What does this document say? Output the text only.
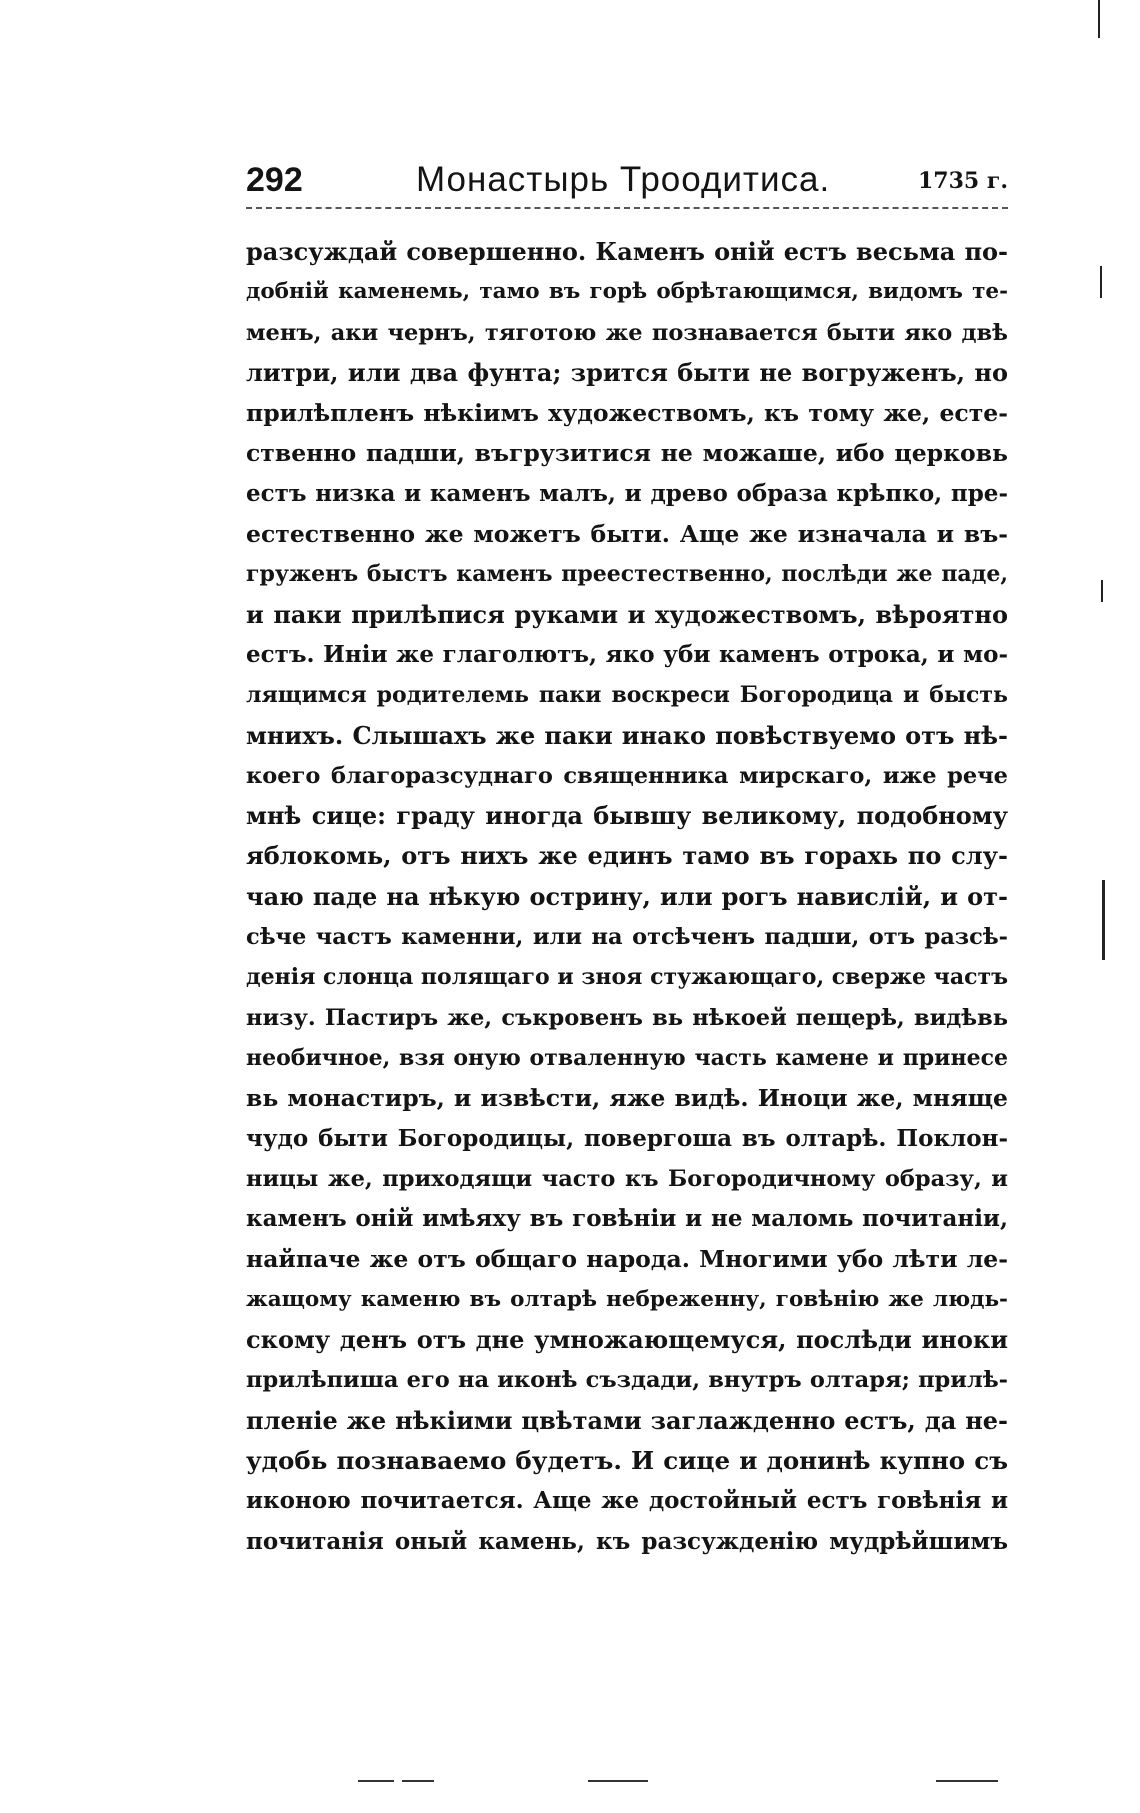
292	Монастырь Троодитиса.	1735 г.
разсуждай совершенно. Каменъ оній естъ весьма по-
добній каменемь, тамо въ горѣ обрѣтающимся, видомъ те-
менъ, аки чернъ, тяготою же познавается быти яко двѣ
литри, или два фунта; зрится быти не вогруженъ, но
прилѣпленъ нѣкіимъ художествомъ, къ тому же, есте-
ственно падши, въгрузитися не можаше, ибо церковь
естъ низка и каменъ малъ, и древо образа крѣпко, пре-
естественно же можетъ быти. Аще же изначала и въ-
груженъ быстъ каменъ преестественно, послѣди же паде,
и паки прилѣпися руками и художествомъ, вѣроятно
естъ. Иніи же глаголютъ, яко уби каменъ отрока, и мо-
лящимся родителемь паки воскреси Богородица и бысть
мнихъ. Слышахъ же паки инако повѣствуемо отъ нѣ-
коего благоразсуднаго священника мирскаго, иже рече
мнѣ сице: граду иногда бывшу великому, подобному
яблокомь, отъ нихъ же единъ тамо въ горахь по слу-
чаю паде на нѣкую острину, или рогъ навислій, и от-
сѣче частъ каменни, или на отсѣченъ падши, отъ разсѣ-
денія слонца полящаго и зноя стужающаго, сверже частъ
низу. Пастиръ же, съкровенъ вь нѣкоей пещерѣ, видѣвь
необичное, взя оную отваленную часть камене и принесе
вь монастиръ, и извѣсти, яже видѣ. Иноци же, мняще
чудо быти Богородицы, повергоша въ олтарѣ. Поклон-
ницы же, приходящи часто къ Богородичному образу, и
каменъ оній имѣяху въ говѣніи и не маломь почитаніи,
найпаче же отъ общаго народа. Многими убо лѣти ле-
жащому каменю въ олтарѣ небреженну, говѣнію же людь-
скому денъ отъ дне умножающемуся, послѣди иноки
прилѣпиша его на иконѣ създади, внутръ олтаря; прилѣ-
пленіе же нѣкіими цвѣтами заглажденно естъ, да не-
удобь познаваемо будетъ. И сице и донинѣ купно съ
иконою почитается. Аще же достойный естъ говѣнія и
почитанія оный камень, къ разсужденію мудрѣйшимъ
